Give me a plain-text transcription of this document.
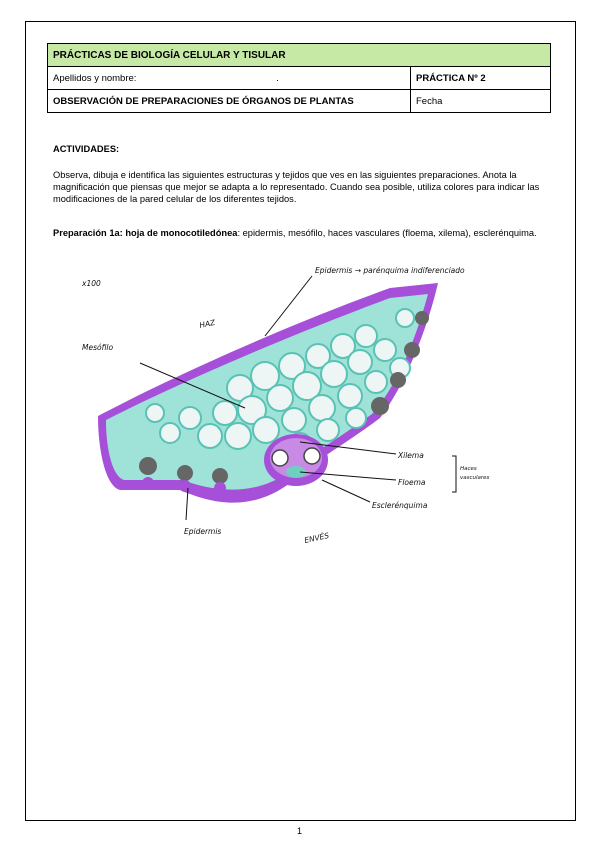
PRÁCTICAS DE BIOLOGÍA CELULAR Y TISULAR	
Apellidos y nombre: .	PRÁCTICA Nº 2
OBSERVACIÓN DE PREPARACIONES DE ÓRGANOS DE PLANTAS	Fecha
ACTIVIDADES:
Observa, dibuja e identifica las siguientes estructuras y tejidos que ves en las siguientes preparaciones. Anota la magnificación que piensas que mejor se adapta a lo representado. Cuando sea posible, utiliza colores para indicar las modificaciones de la pared celular de los diferentes tejidos.
Preparación 1a: hoja de monocotiledónea: epidermis, mesófilo, haces vasculares (floema, xilema), esclerénquima.
x100
HAZ
Epidermis → parénquima indiferenciado
Mesófilo
Xilema
Floema
Haces
vasculares
Esclerénquima
Epidermis	ENVÉS
1
